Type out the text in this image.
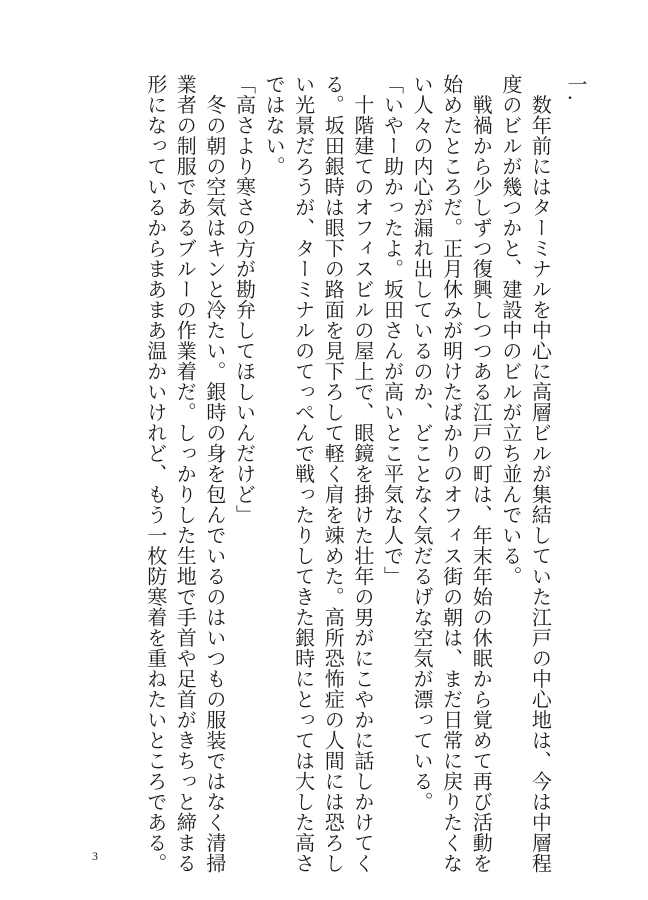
一.
　数年前にはターミナルを中心に高層ビルが集結していた江戸の中心地は、今は中層程
度のビルが幾つかと、建設中のビルが立ち並んでいる。
　戦禍から少しずつ復興しつつある江戸の町は、年末年始の休眠から覚めて再び活動を
始めたところだ。正月休みが明けたばかりのオフィス街の朝は、まだ日常に戻りたくな
い人々の内心が漏れ出しているのか、どことなく気だるげな空気が漂っている。
「いやー助かったよ。坂田さんが高いとこ平気な人で」
　十階建てのオフィスビルの屋上で、眼鏡を掛けた壮年の男がにこやかに話しかけてく
る。坂田銀時は眼下の路面を見下ろして軽く肩を竦めた。高所恐怖症の人間には恐ろし
い光景だろうが、ターミナルのてっぺんで戦ったりしてきた銀時にとっては大した高さ
ではない。
「高さより寒さの方が勘弁してほしいんだけど」
　冬の朝の空気はキンと冷たい。銀時の身を包んでいるのはいつもの服装ではなく清掃
業者の制服であるブルーの作業着だ。しっかりした生地で手首や足首がきちっと締まる
形になっているからまあまあ温かいけれど、もう一枚防寒着を重ねたいところである。
3
